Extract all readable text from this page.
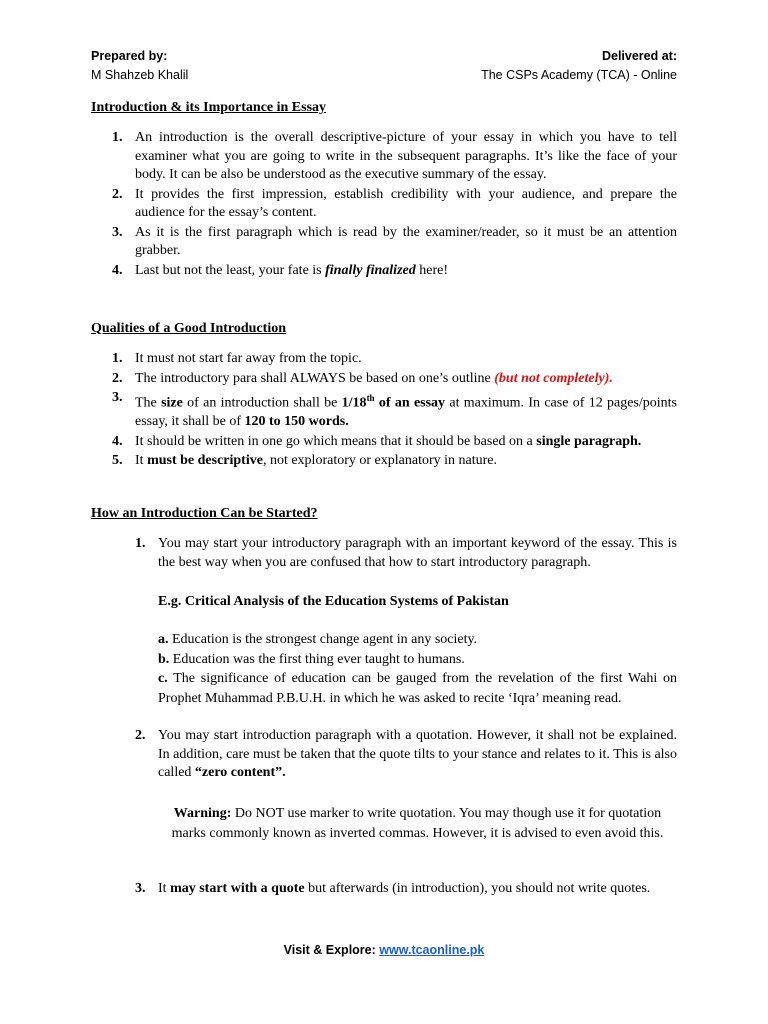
Prepared by:
M Shahzeb Khalil
Delivered at:
The CSPs Academy (TCA) - Online
Introduction & its Importance in Essay
1. An introduction is the overall descriptive-picture of your essay in which you have to tell examiner what you are going to write in the subsequent paragraphs. It’s like the face of your body. It can be also be understood as the executive summary of the essay.
2. It provides the first impression, establish credibility with your audience, and prepare the audience for the essay’s content.
3. As it is the first paragraph which is read by the examiner/reader, so it must be an attention grabber.
4. Last but not the least, your fate is finally finalized here!
Qualities of a Good Introduction
1. It must not start far away from the topic.
2. The introductory para shall ALWAYS be based on one’s outline (but not completely).
3. The size of an introduction shall be 1/18th of an essay at maximum. In case of 12 pages/points essay, it shall be of 120 to 150 words.
4. It should be written in one go which means that it should be based on a single paragraph.
5. It must be descriptive, not exploratory or explanatory in nature.
How an Introduction Can be Started?
1. You may start your introductory paragraph with an important keyword of the essay. This is the best way when you are confused that how to start introductory paragraph.
E.g. Critical Analysis of the Education Systems of Pakistan
a. Education is the strongest change agent in any society.
b. Education was the first thing ever taught to humans.
c. The significance of education can be gauged from the revelation of the first Wahi on Prophet Muhammad P.B.U.H. in which he was asked to recite ‘Iqra’ meaning read.
2. You may start introduction paragraph with a quotation. However, it shall not be explained. In addition, care must be taken that the quote tilts to your stance and relates to it. This is also called “zero content”.
Warning: Do NOT use marker to write quotation. You may though use it for quotation marks commonly known as inverted commas. However, it is advised to even avoid this.
3. It may start with a quote but afterwards (in introduction), you should not write quotes.
Visit & Explore: www.tcaonline.pk
